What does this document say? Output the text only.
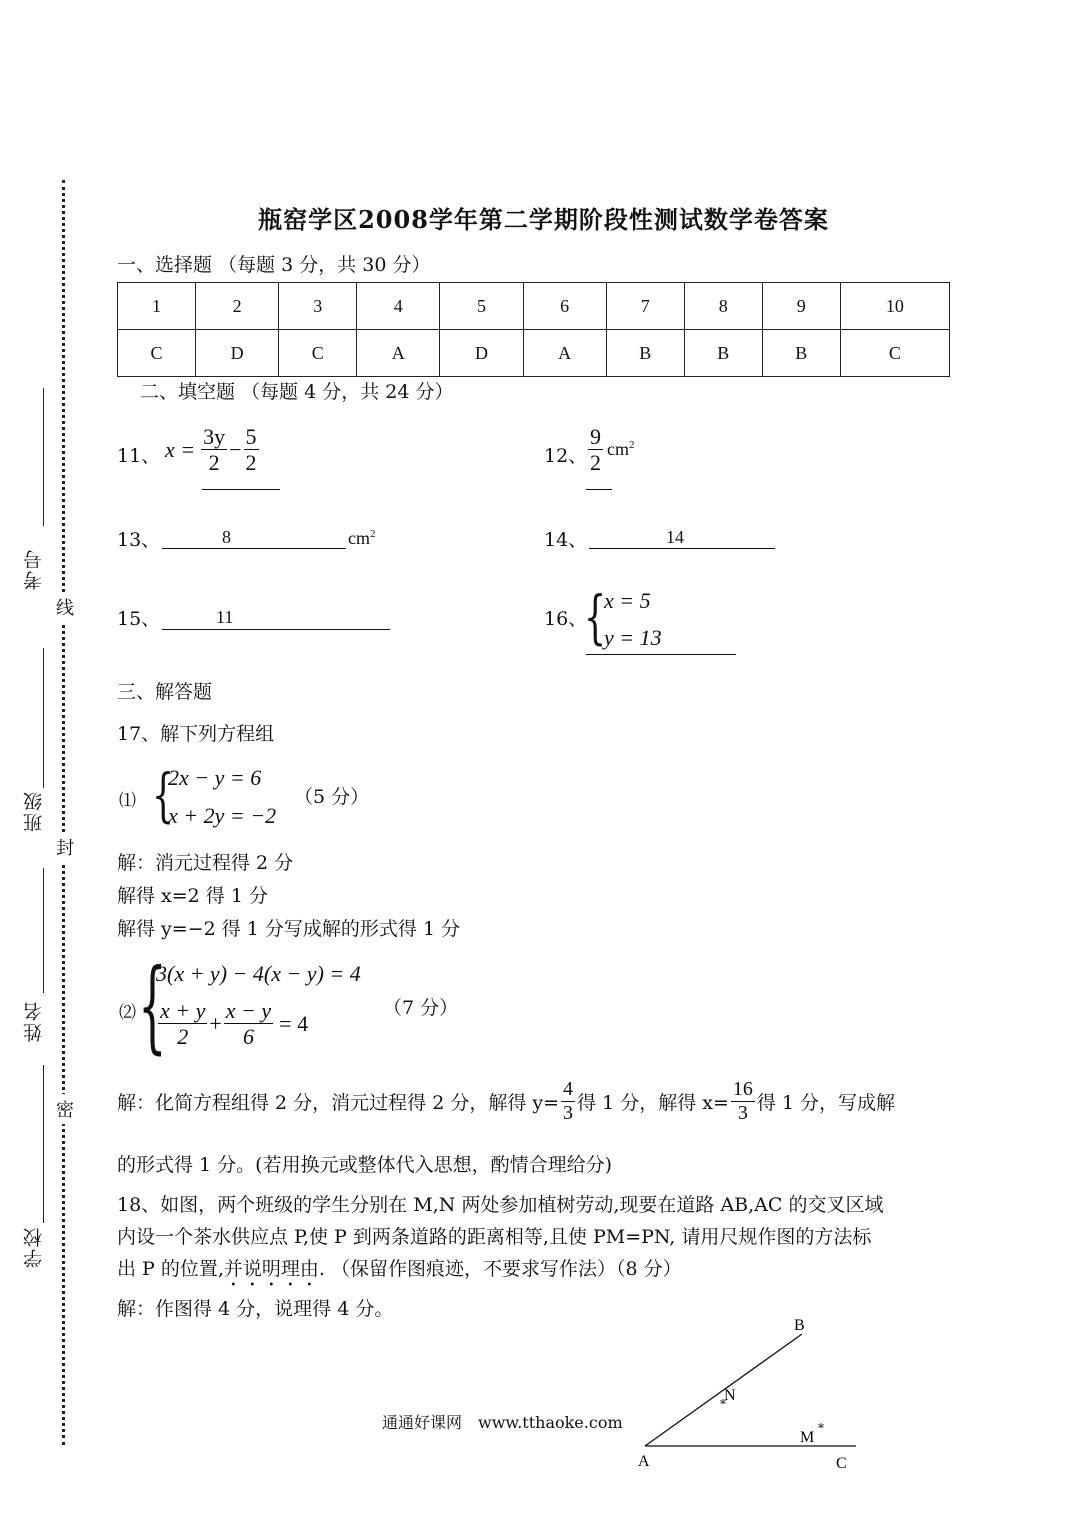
考号
班级
姓名
学校
线
封
密
瓶窑学区2008学年第二学期阶段性测试数学卷答案
一、选择题 （每题 3 分，共 30 分）
1	2	3	4	5	6	7	8	9	10
C	D	C	A	D	A	B	B	B	C
二、填空题 （每题 4 分，共 24 分）
11、 $x = \frac{3y}{2} - \frac{5}{2}$	12、 $\frac{9}{2} cm^2$
13、	8	$cm^2$	14、	14
15、	11	16、
{
x = 5
y = 13
三、解答题
17、解下列方程组
⑴ {
2x − y = 6
x + 2y = −2
（5 分）
解：消元过程得 2 分
解得 x=2 得 1 分
解得 y=−2 得 1 分写成解的形式得 1 分
⑵ {
3(x + y) − 4(x − y) = 4
$\frac{x + y}{2} + \frac{x - y}{6} = 4$
（7 分）
解：化简方程组得 2 分，消元过程得 2 分，解得 $y= \frac{4}{3}$ 得 1 分，解得 $x= \frac{16}{3}$ 得 1 分，写成解
的形式得 1 分。(若用换元或整体代入思想，酌情合理给分)
18、如图，两个班级的学生分别在 M,N 两处参加植树劳动,现要在道路 AB,AC 的交叉区域
内设一个茶水供应点 P,使 P 到两条道路的距离相等,且使 PM=PN, 请用尺规作图的方法标
出 P 的位置,并说明理由. （保留作图痕迹，不要求写作法）（8 分）
解：作图得 4 分，说理得 4 分。
B
A	C
*
N
M
*
通通好课网　www.tthaoke.com
